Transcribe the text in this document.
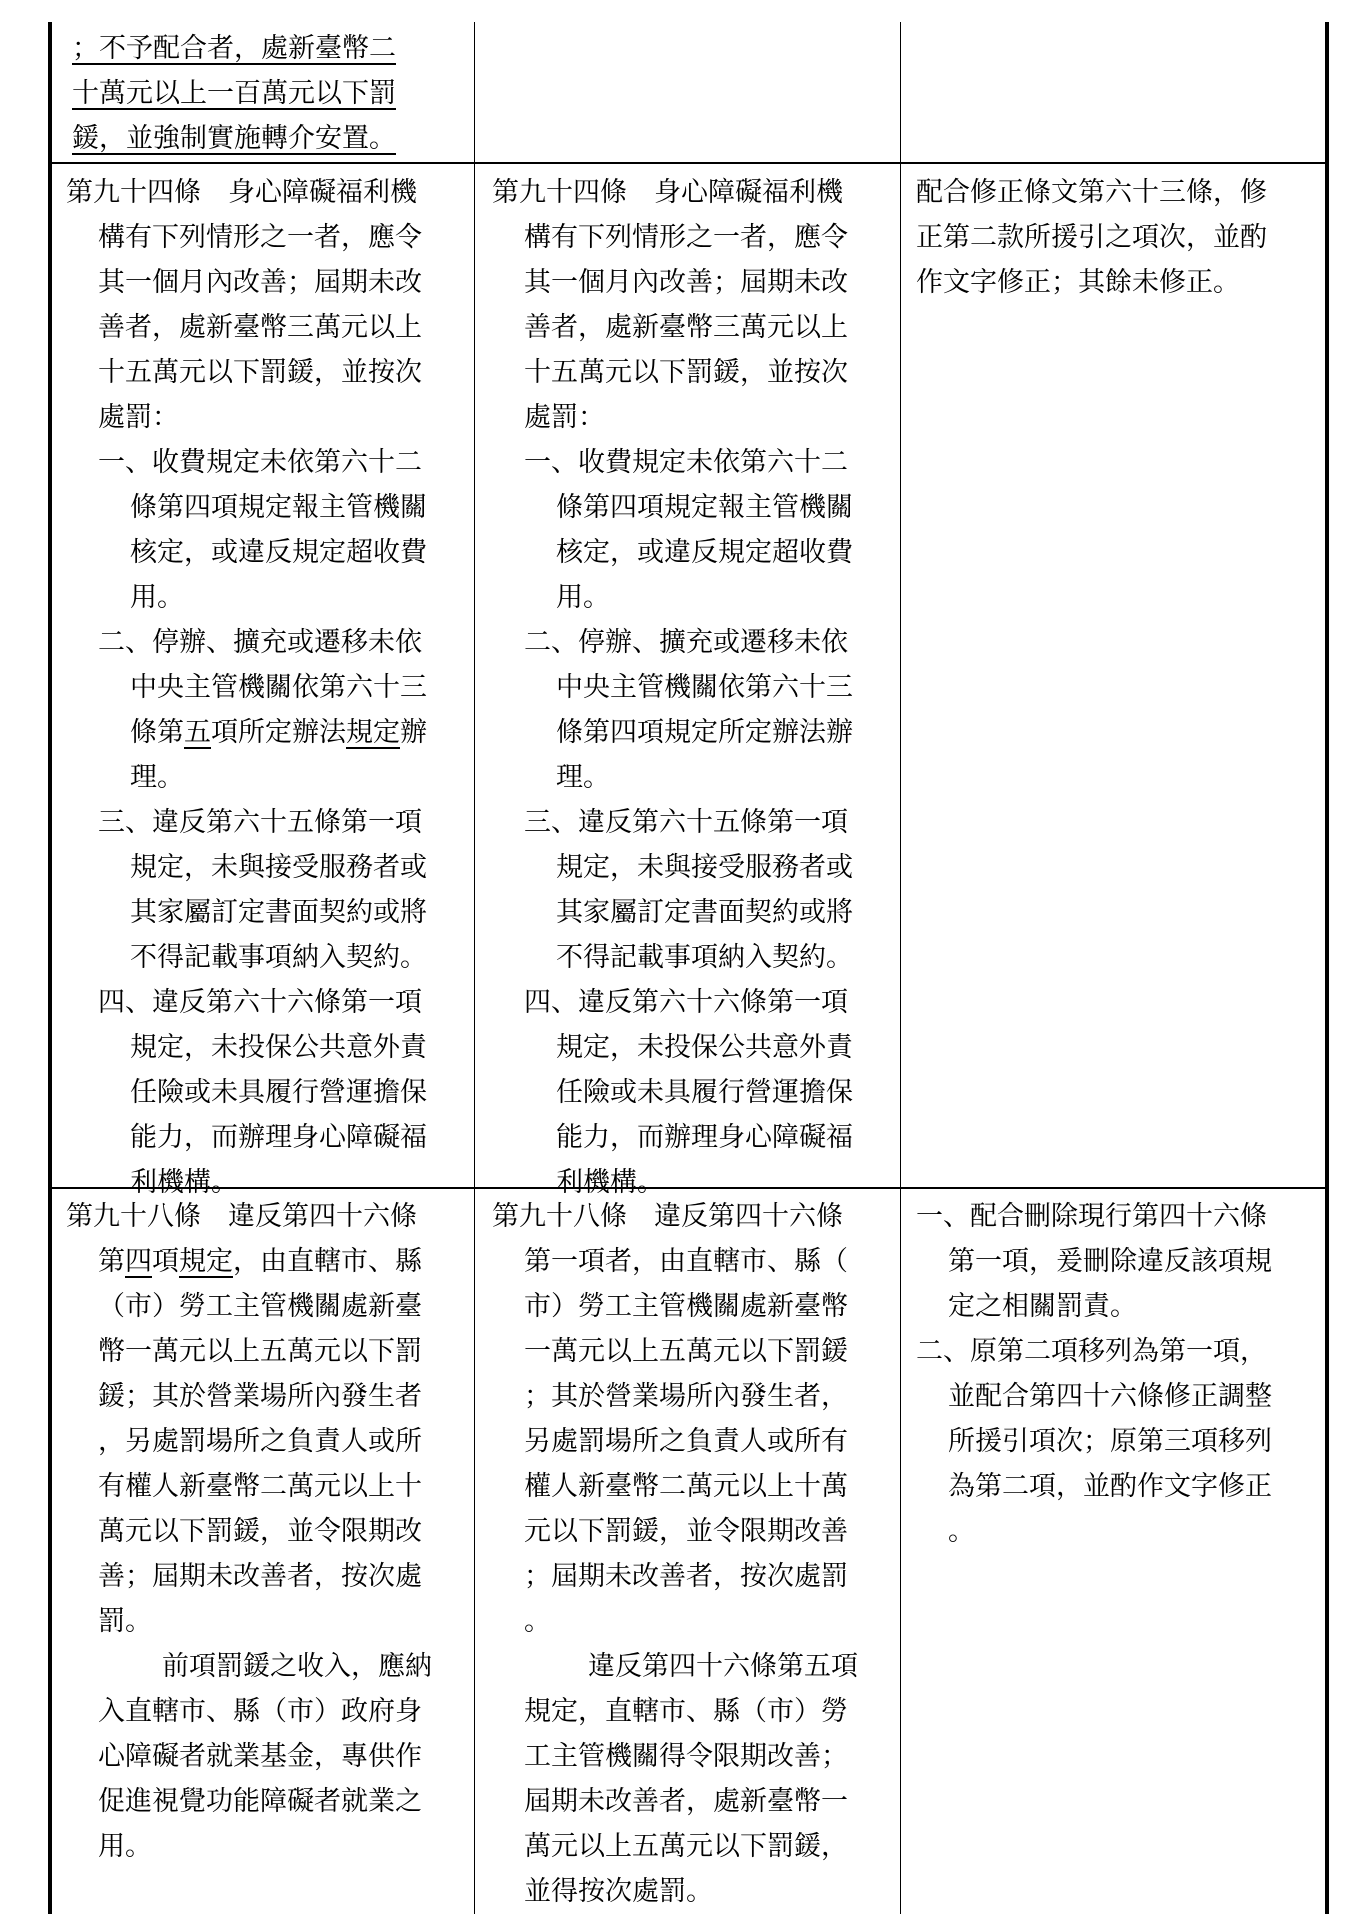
；不予配合者，處新臺幣二
十萬元以上一百萬元以下罰
鍰，並強制實施轉介安置。
第九十四條　身心障礙福利機
構有下列情形之一者，應令
其一個月內改善；屆期未改
善者，處新臺幣三萬元以上
十五萬元以下罰鍰，並按次
處罰：
一、收費規定未依第六十二
條第四項規定報主管機關
核定，或違反規定超收費
用。
二、停辦、擴充或遷移未依
中央主管機關依第六十三
條第五項所定辦法規定辦
理。
三、違反第六十五條第一項
規定，未與接受服務者或
其家屬訂定書面契約或將
不得記載事項納入契約。
四、違反第六十六條第一項
規定，未投保公共意外責
任險或未具履行營運擔保
能力，而辦理身心障礙福
利機構。
第九十四條　身心障礙福利機
構有下列情形之一者，應令
其一個月內改善；屆期未改
善者，處新臺幣三萬元以上
十五萬元以下罰鍰，並按次
處罰：
一、收費規定未依第六十二
條第四項規定報主管機關
核定，或違反規定超收費
用。
二、停辦、擴充或遷移未依
中央主管機關依第六十三
條第四項規定所定辦法辦
理。
三、違反第六十五條第一項
規定，未與接受服務者或
其家屬訂定書面契約或將
不得記載事項納入契約。
四、違反第六十六條第一項
規定，未投保公共意外責
任險或未具履行營運擔保
能力，而辦理身心障礙福
利機構。
配合修正條文第六十三條，修
正第二款所援引之項次，並酌
作文字修正；其餘未修正。
第九十八條　違反第四十六條
第四項規定，由直轄市、縣
（市）勞工主管機關處新臺
幣一萬元以上五萬元以下罰
鍰；其於營業場所內發生者
，另處罰場所之負責人或所
有權人新臺幣二萬元以上十
萬元以下罰鍰，並令限期改
善；屆期未改善者，按次處
罰。
前項罰鍰之收入，應納
入直轄市、縣（市）政府身
心障礙者就業基金，專供作
促進視覺功能障礙者就業之
用。
第九十八條　違反第四十六條
第一項者，由直轄市、縣（
市）勞工主管機關處新臺幣
一萬元以上五萬元以下罰鍰
；其於營業場所內發生者，
另處罰場所之負責人或所有
權人新臺幣二萬元以上十萬
元以下罰鍰，並令限期改善
；屆期未改善者，按次處罰
。
違反第四十六條第五項
規定，直轄市、縣（市）勞
工主管機關得令限期改善；
屆期未改善者，處新臺幣一
萬元以上五萬元以下罰鍰，
並得按次處罰。
一、配合刪除現行第四十六條
第一項，爰刪除違反該項規
定之相關罰責。
二、原第二項移列為第一項，
並配合第四十六條修正調整
所援引項次；原第三項移列
為第二項，並酌作文字修正
。
